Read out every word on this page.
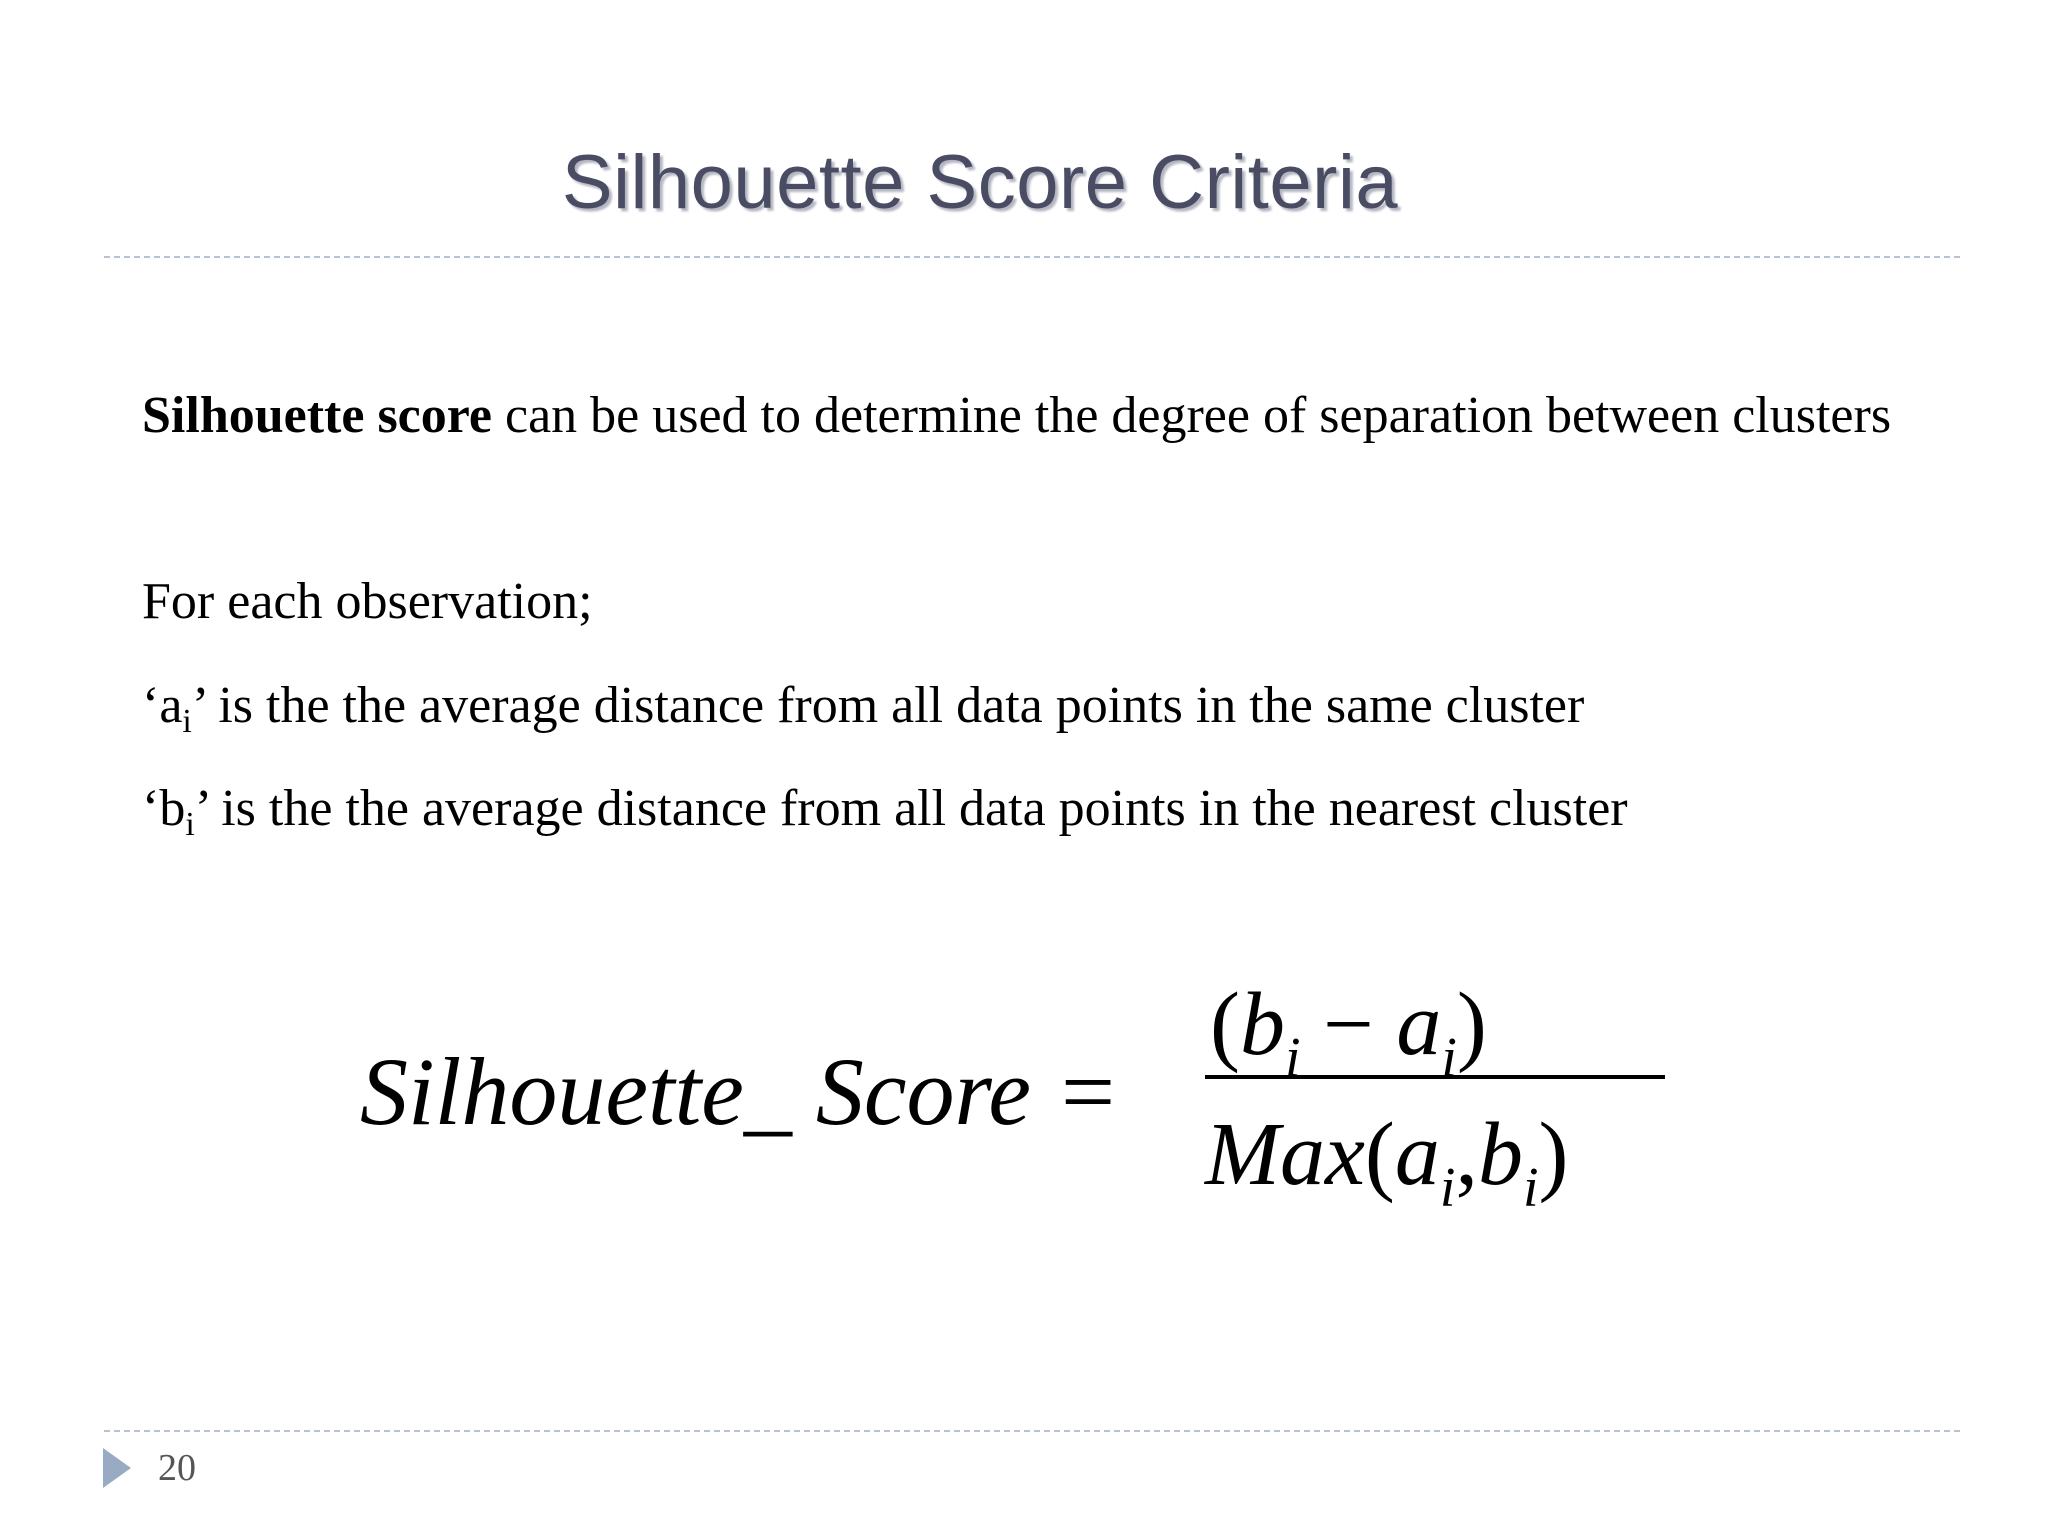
Silhouette Score Criteria
Silhouette score can be used to determine the degree of separation between clusters
For each observation;
‘$a_i$’ is the the average distance from all data points in the same cluster
‘$b_i$’ is the the average distance from all data points in the nearest cluster
Silhouette_ Score =
$(b_i - a_i)$
$Max(a_i,b_i)$
20
